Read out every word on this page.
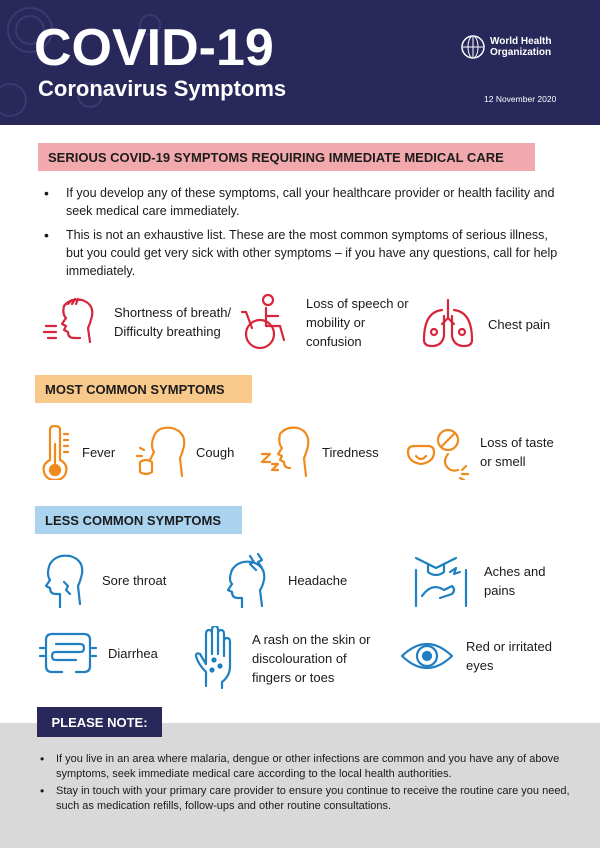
COVID-19
Coronavirus Symptoms
World Health Organization
12 November 2020
SERIOUS COVID-19 SYMPTOMS REQUIRING IMMEDIATE MEDICAL CARE
• If you develop any of these symptoms, call your healthcare provider or health facility and seek medical care immediately.
• This is not an exhaustive list. These are the most common symptoms of serious illness, but you could get very sick with other symptoms – if you have any questions, call for help immediately.
Shortness of breath/ Difficulty breathing
Loss of speech or mobility or confusion
Chest pain
MOST COMMON SYMPTOMS
Fever	Cough	Tiredness
Loss of taste or smell
LESS COMMON SYMPTOMS
Sore throat	Headache
Aches and pains
Diarrhea
A rash on the skin or discolouration of fingers or toes
Red or irritated eyes
PLEASE NOTE:
• If you live in an area where malaria, dengue or other infections are common and you have any of above symptoms, seek immediate medical care according to the local health authorities.
• Stay in touch with your primary care provider to ensure you continue to receive the routine care you need, such as medication refills, follow-ups and other routine consultations.
